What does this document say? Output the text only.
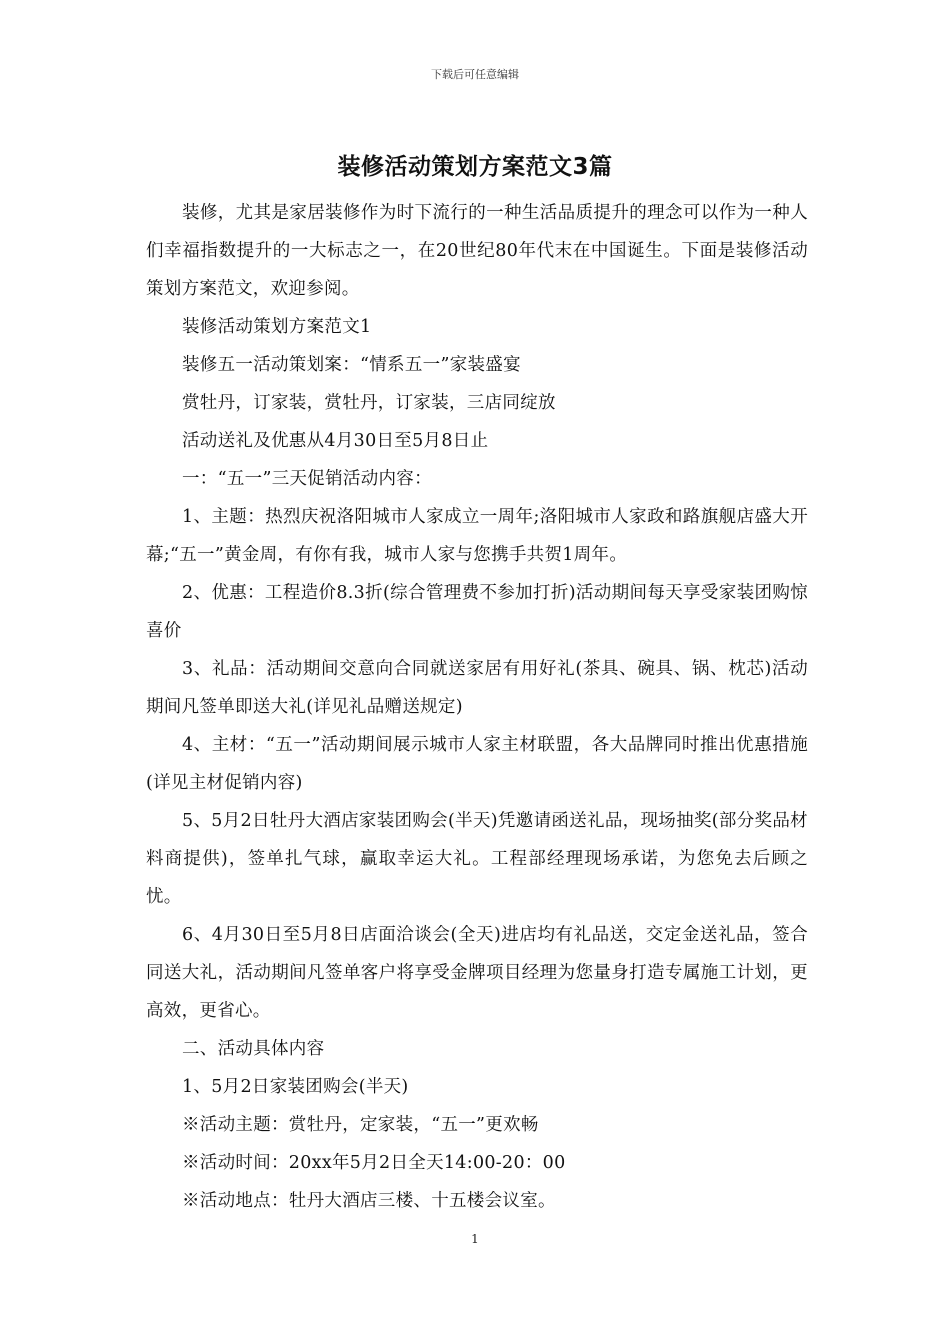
下载后可任意编辑
装修活动策划方案范文3篇

装修，尤其是家居装修作为时下流行的一种生活品质提升的理念可以作为一种人们幸福指数提升的一大标志之一，在20世纪80年代末在中国诞生。下面是装修活动策划方案范文，欢迎参阅。

装修活动策划方案范文1

装修五一活动策划案：“情系五一”家装盛宴

赏牡丹，订家装，赏牡丹，订家装，三店同绽放

活动送礼及优惠从4月30日至5月8日止

一：“五一”三天促销活动内容：

1、主题：热烈庆祝洛阳城市人家成立一周年;洛阳城市人家政和路旗舰店盛大开幕;“五一”黄金周，有你有我，城市人家与您携手共贺1周年。

2、优惠：工程造价8.3折(综合管理费不参加打折)活动期间每天享受家装团购惊喜价

3、礼品：活动期间交意向合同就送家居有用好礼(茶具、碗具、锅、枕芯)活动期间凡签单即送大礼(详见礼品赠送规定)

4、主材：“五一”活动期间展示城市人家主材联盟，各大品牌同时推出优惠措施(详见主材促销内容)

5、5月2日牡丹大酒店家装团购会(半天)凭邀请函送礼品，现场抽奖(部分奖品材料商提供)，签单扎气球，赢取幸运大礼。工程部经理现场承诺，为您免去后顾之忧。

6、4月30日至5月8日店面洽谈会(全天)进店均有礼品送，交定金送礼品，签合同送大礼，活动期间凡签单客户将享受金牌项目经理为您量身打造专属施工计划，更高效，更省心。

二、活动具体内容

1、5月2日家装团购会(半天)

※活动主题：赏牡丹，定家装，“五一”更欢畅

※活动时间：20xx年5月2日全天14:00-20：00

※活动地点：牡丹大酒店三楼、十五楼会议室。

1
